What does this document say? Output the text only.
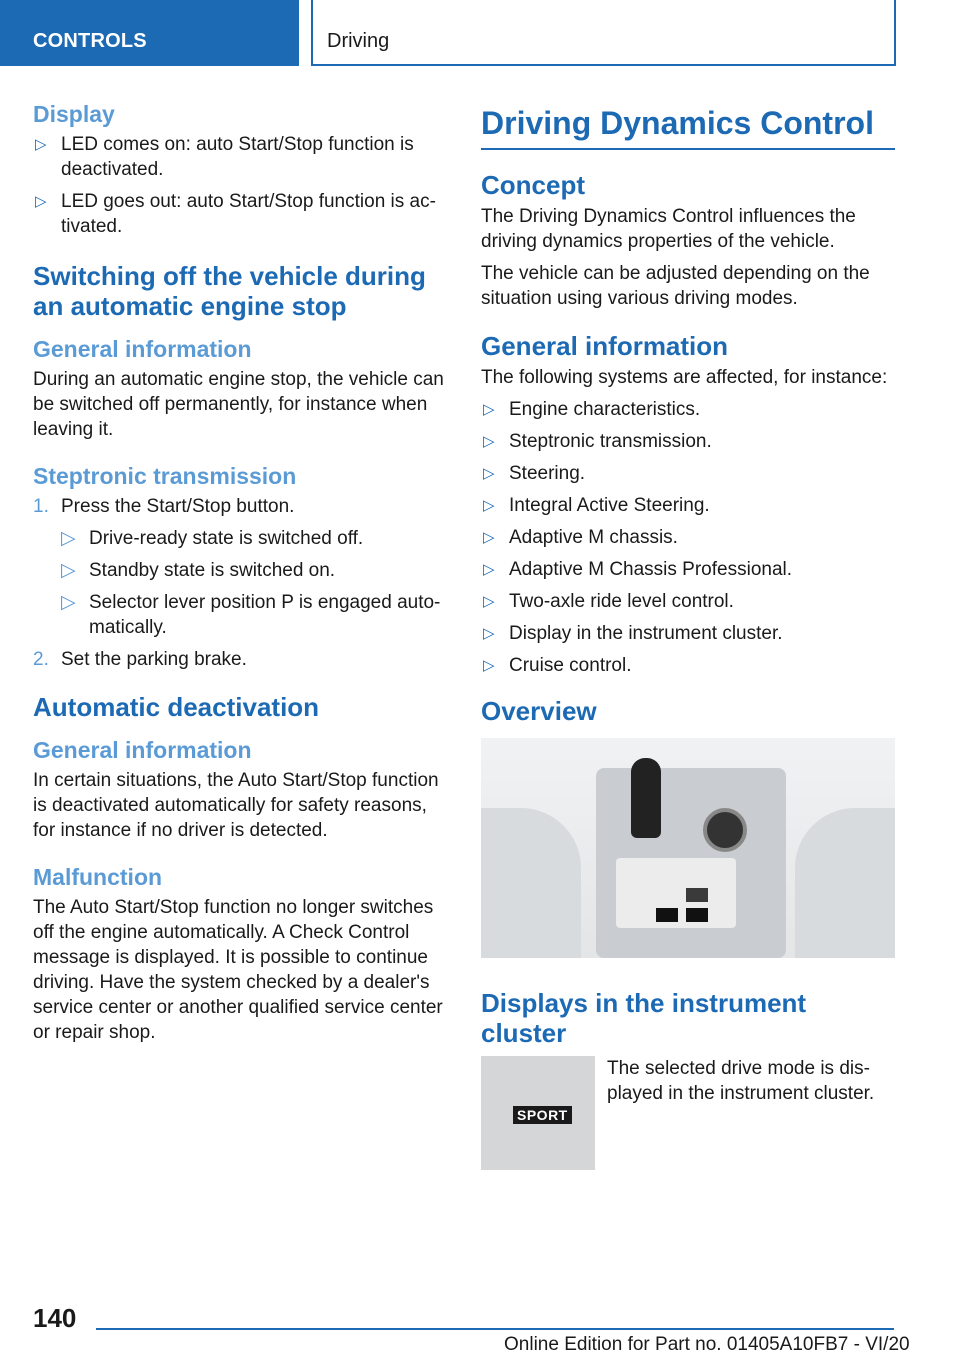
CONTROLS	Driving
Display
▷ LED comes on: auto Start/Stop function is deactivated.
▷ LED goes out: auto Start/Stop function is ac‐tivated.
Switching off the vehicle during an automatic engine stop
General information

During an automatic engine stop, the vehicle can be switched off permanently, for instance when leaving it.

Steptronic transmission
1. Press the Start/Stop button.
▷ Drive-ready state is switched off.
▷ Standby state is switched on.
▷ Selector lever position P is engaged auto‐matically.
2. Set the parking brake.
Automatic deactivation
General information

In certain situations, the Auto Start/Stop function is deactivated automatically for safety reasons, for instance if no driver is detected.

Malfunction

The Auto Start/Stop function no longer switches off the engine automatically. A Check Control message is displayed. It is possible to continue driving. Have the system checked by a dealer's service center or another qualified service center or repair shop.

Driving Dynamics Control
Concept

The Driving Dynamics Control influences the driving dynamics properties of the vehicle.

The vehicle can be adjusted depending on the situation using various driving modes.

General information

The following systems are affected, for instance:

▷ Engine characteristics.
▷ Steptronic transmission.
▷ Steering.
▷ Integral Active Steering.
▷ Adaptive M chassis.
▷ Adaptive M Chassis Professional.
▷ Two-axle ride level control.
▷ Display in the instrument cluster.
▷ Cruise control.
Overview
Displays in the instrument cluster
SPORT
The selected drive mode is dis‐played in the instrument cluster.
140
Online Edition for Part no. 01405A10FB7 - VI/20
